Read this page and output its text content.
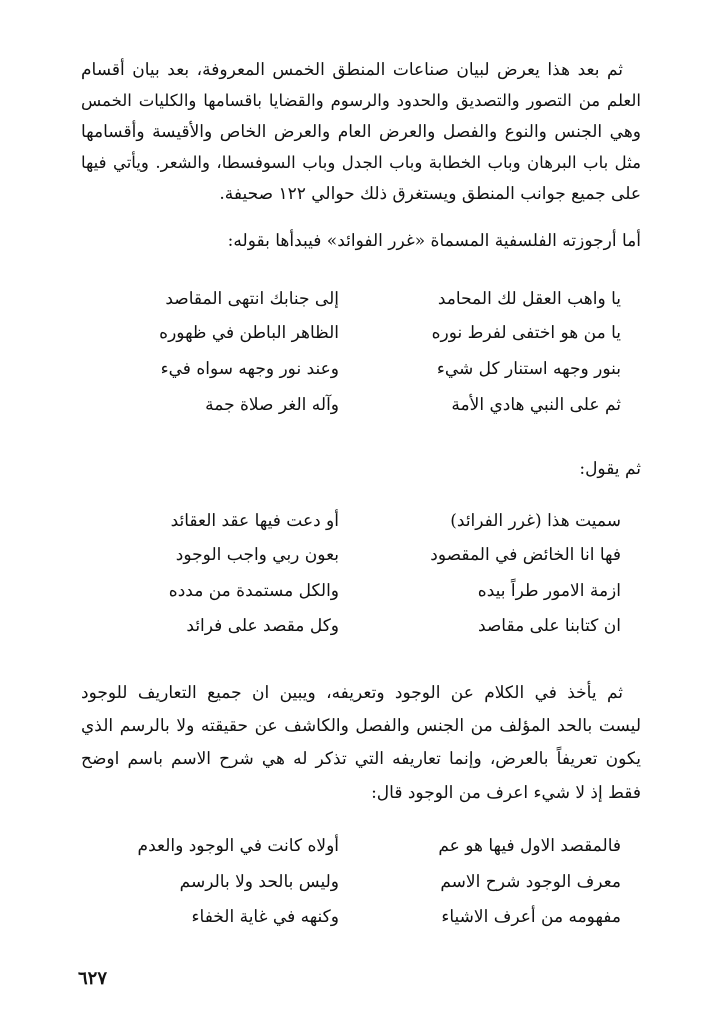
ثم بعد هذا يعرض لبيان صناعات المنطق الخمس المعروفة، بعد بيان أقسام
العلم من التصور والتصديق والحدود والرسوم والقضايا باقسامها والكليات الخمس
وهي الجنس والنوع والفصل والعرض العام والعرض الخاص والأقيسة وأقسامها
مثل باب البرهان وباب الخطابة وباب الجدل وباب السوفسطا، والشعر. ويأتي فيها
على جميع جوانب المنطق ويستغرق ذلك حوالي ١٢٢ صحيفة.
أما أرجوزته الفلسفية المسماة «غرر الفوائد» فيبدأها بقوله:
يا واهب العقل لك المحامد
إلى جنابك انتهى المقاصد
يا من هو اختفى لفرط نوره
الظاهر الباطن في ظهوره
بنور وجهه استنار كل شيء
وعند نور وجهه سواه فيء
ثم على النبي هادي الأمة
وآله الغر صلاة جمة
ثم يقول:
سميت هذا (غرر الفرائد)
أو دعت فيها عقد العقائد
فها انا الخائض في المقصود
بعون ربي واجب الوجود
ازمة الامور طراً بيده
والكل مستمدة من مدده
ان كتابنا على مقاصد
وكل مقصد على فرائد
ثم يأخذ في الكلام عن الوجود وتعريفه، ويبين ان جميع التعاريف للوجود
ليست بالحد المؤلف من الجنس والفصل والكاشف عن حقيقته ولا بالرسم الذي
يكون تعريفاً بالعرض، وإنما تعاريفه التي تذكر له هي شرح الاسم باسم اوضح
فقط إذ لا شيء اعرف من الوجود قال:
فالمقصد الاول فيها هو عم
أولاه كانت في الوجود والعدم
معرف الوجود شرح الاسم
وليس بالحد ولا بالرسم
مفهومه من أعرف الاشياء
وكنهه في غاية الخفاء
٦٢٧
